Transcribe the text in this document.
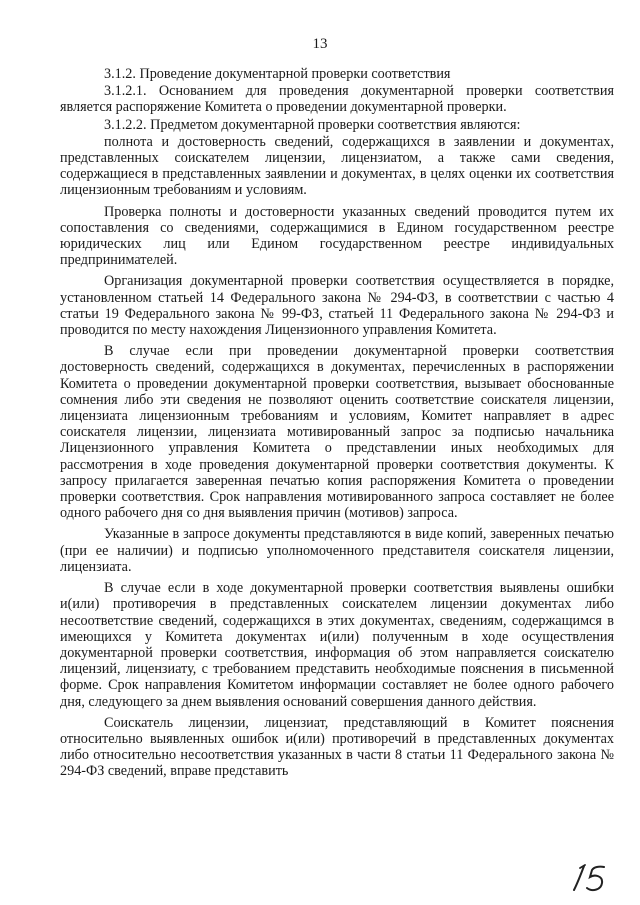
13

3.1.2. Проведение документарной проверки соответствия

3.1.2.1. Основанием для проведения документарной проверки соответствия является распоряжение Комитета о проведении документарной проверки.

3.1.2.2. Предметом документарной проверки соответствия являются:

полнота и достоверность сведений, содержащихся в заявлении и документах, представленных соискателем лицензии, лицензиатом, а также сами сведения, содержащиеся в представленных заявлении и документах, в целях оценки их соответствия лицензионным требованиям и условиям.

Проверка полноты и достоверности указанных сведений проводится путем их сопоставления со сведениями, содержащимися в Едином государственном реестре юридических лиц или Едином государственном реестре индивидуальных предпринимателей.

Организация документарной проверки соответствия осуществляется в порядке, установленном статьей 14 Федерального закона № 294-ФЗ, в соответствии с частью 4 статьи 19 Федерального закона № 99-ФЗ, статьей 11 Федерального закона № 294-ФЗ и проводится по месту нахождения Лицензионного управления Комитета.

В случае если при проведении документарной проверки соответствия достоверность сведений, содержащихся в документах, перечисленных в распоряжении Комитета о проведении документарной проверки соответствия, вызывает обоснованные сомнения либо эти сведения не позволяют оценить соответствие соискателя лицензии, лицензиата лицензионным требованиям и условиям, Комитет направляет в адрес соискателя лицензии, лицензиата мотивированный запрос за подписью начальника Лицензионного управления Комитета о представлении иных необходимых для рассмотрения в ходе проведения документарной проверки соответствия документы. К запросу прилагается заверенная печатью копия распоряжения Комитета о проведении проверки соответствия. Срок направления мотивированного запроса составляет не более одного рабочего дня со дня выявления причин (мотивов) запроса.

Указанные в запросе документы представляются в виде копий, заверенных печатью (при ее наличии) и подписью уполномоченного представителя соискателя лицензии, лицензиата.

В случае если в ходе документарной проверки соответствия выявлены ошибки и(или) противоречия в представленных соискателем лицензии документах либо несоответствие сведений, содержащихся в этих документах, сведениям, содержащимся в имеющихся у Комитета документах и(или) полученным в ходе осуществления документарной проверки соответствия, информация об этом направляется соискателю лицензий, лицензиату, с требованием представить необходимые пояснения в письменной форме. Срок направления Комитетом информации составляет не более одного рабочего дня, следующего за днем выявления оснований совершения данного действия.

Соискатель лицензии, лицензиат, представляющий в Комитет пояснения относительно выявленных ошибок и(или) противоречий в представленных документах либо относительно несоответствия указанных в части 8 статьи 11 Федерального закона № 294-ФЗ сведений, вправе представить
